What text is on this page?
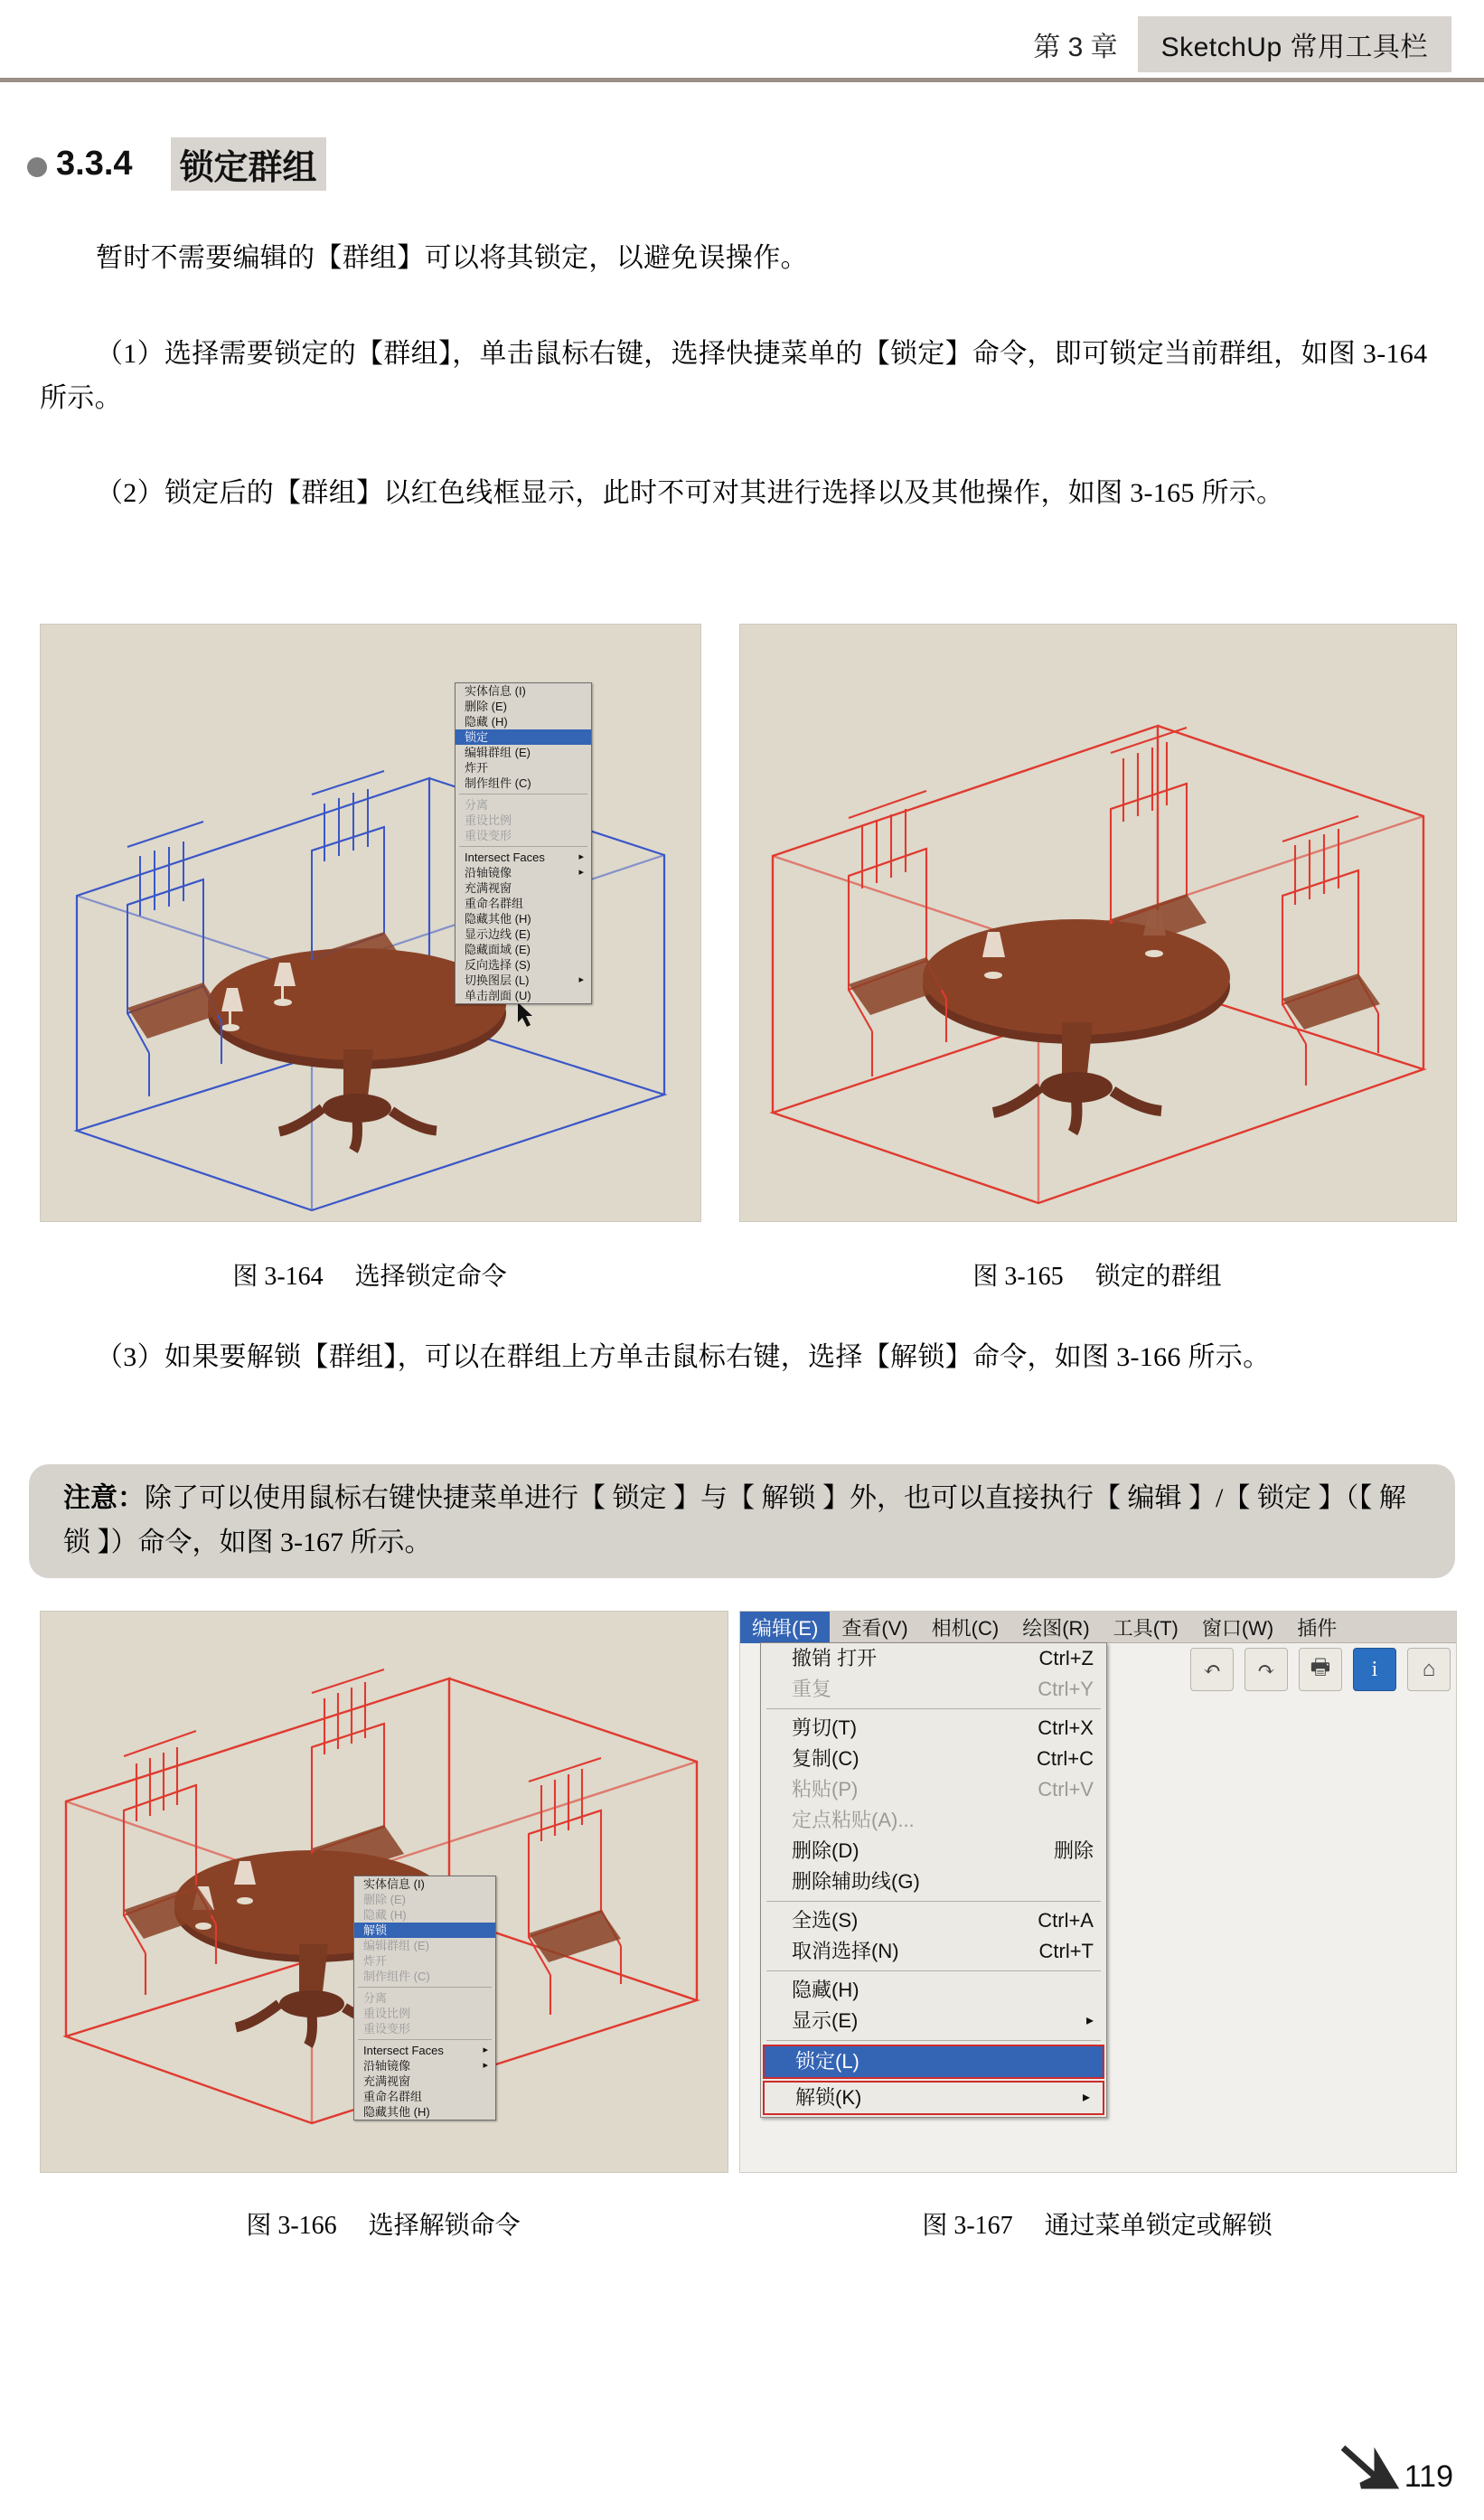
第 3 章	SketchUp 常用工具栏
3.3.4 锁定群组
暂时不需要编辑的【群组】可以将其锁定，以避免误操作。
（1）选择需要锁定的【群组】，单击鼠标右键，选择快捷菜单的【锁定】命令，即可锁定当前群组，如图 3-164 所示。
（2）锁定后的【群组】以红色线框显示，此时不可对其进行选择以及其他操作，如图 3-165 所示。
实体信息 (I)
删除 (E)
隐藏 (H)
锁定
编辑群组 (E)
炸开
制作组件 (C)
分离
重设比例
重设变形
Intersect Faces	▸
沿轴镜像	▸
充满视窗
重命名群组
隐藏其他 (H)
显示边线 (E)
隐藏面域 (E)
反向选择 (S)
切换图层 (L)	▸
单击剖面 (U)
图 3-164 选择锁定命令	图 3-165 锁定的群组
（3）如果要解锁【群组】，可以在群组上方单击鼠标右键，选择【解锁】命令，如图 3-166 所示。
注意：除了可以使用鼠标右键快捷菜单进行【 锁定 】与【 解锁 】外，也可以直接执行【 编辑 】/【 锁定 】（【 解锁 】）命令，如图 3-167 所示。
实体信息 (I)
删除 (E)
隐藏 (H)
解锁
编辑群组 (E)
炸开
制作组件 (C)
分离
重设比例
重设变形
Intersect Faces	▸
沿轴镜像	▸
充满视窗
重命名群组
隐藏其他 (H)
图 3-166 选择解锁命令
编辑(E)	查看(V)	相机(C)	绘图(R)	工具(T)	窗口(W)	插件
↶	↷	🖶	i	⌂
撤销 打开	Ctrl+Z
重复	Ctrl+Y
剪切(T)	Ctrl+X
复制(C)	Ctrl+C
粘贴(P)	Ctrl+V
定点粘贴(A)...
删除(D)	删除
删除辅助线(G)
全选(S)	Ctrl+A
取消选择(N)	Ctrl+T
隐藏(H)
显示(E)	▸
锁定(L)
解锁(K)	▸
图 3-167 通过菜单锁定或解锁
119
